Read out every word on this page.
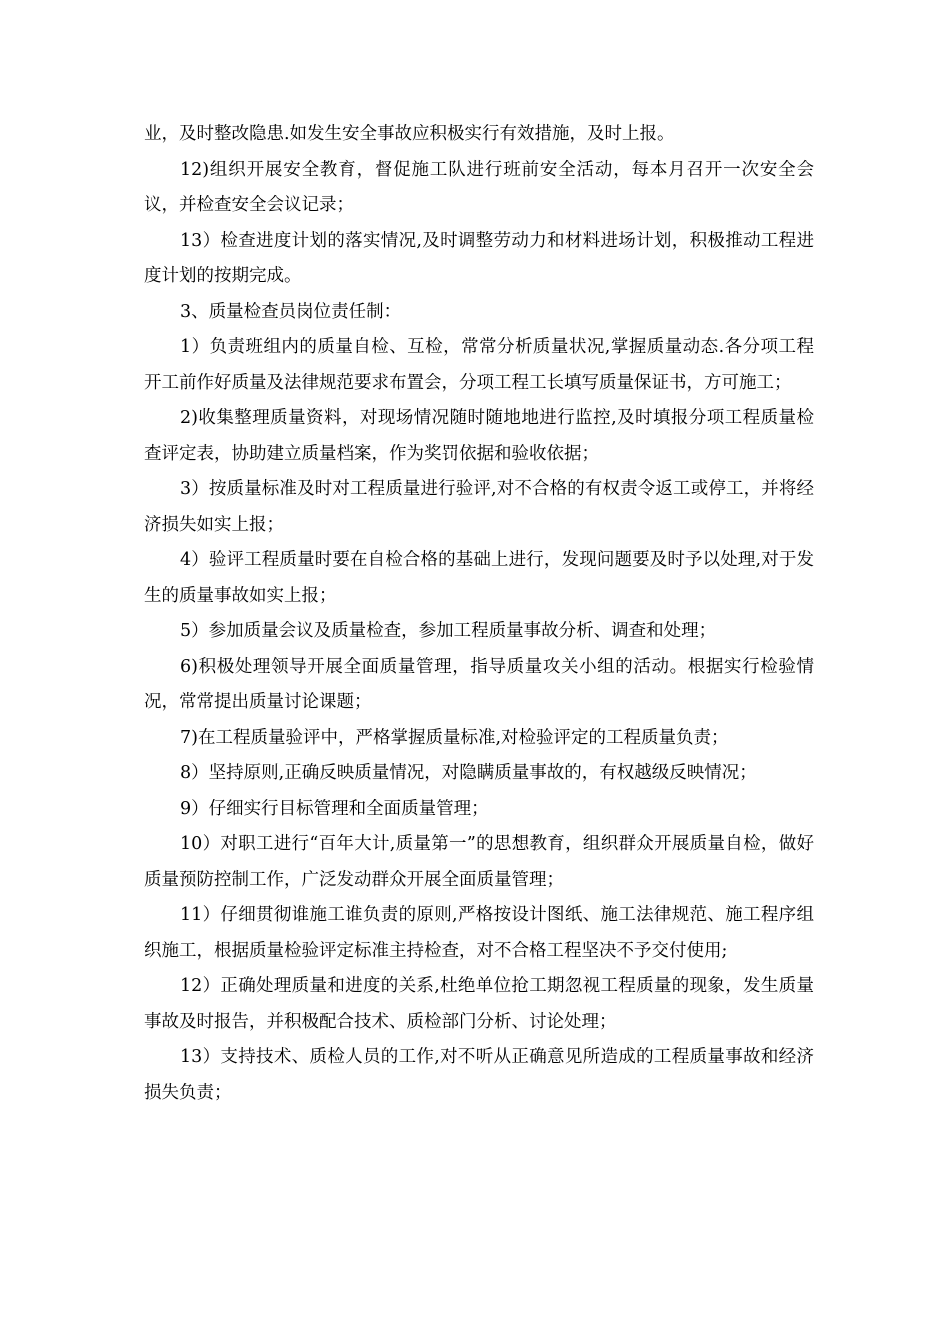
业，及时整改隐患.如发生安全事故应积极实行有效措施，及时上报。

12)组织开展安全教育，督促施工队进行班前安全活动，每本月召开一次安全会议，并检查安全会议记录；

13）检查进度计划的落实情况,及时调整劳动力和材料进场计划，积极推动工程进度计划的按期完成。

3、质量检查员岗位责任制：

1）负责班组内的质量自检、互检，常常分析质量状况,掌握质量动态.各分项工程开工前作好质量及法律规范要求布置会，分项工程工长填写质量保证书，方可施工；

2)收集整理质量资料，对现场情况随时随地地进行监控,及时填报分项工程质量检查评定表，协助建立质量档案，作为奖罚依据和验收依据；

3）按质量标准及时对工程质量进行验评,对不合格的有权责令返工或停工，并将经济损失如实上报；

4）验评工程质量时要在自检合格的基础上进行，发现问题要及时予以处理,对于发生的质量事故如实上报；

5）参加质量会议及质量检查，参加工程质量事故分析、调查和处理；

6)积极处理领导开展全面质量管理，指导质量攻关小组的活动。根据实行检验情况，常常提出质量讨论课题；

7)在工程质量验评中，严格掌握质量标准,对检验评定的工程质量负责；

8）坚持原则,正确反映质量情况，对隐瞒质量事故的，有权越级反映情况；

9）仔细实行目标管理和全面质量管理；

10）对职工进行“百年大计,质量第一”的思想教育，组织群众开展质量自检，做好质量预防控制工作，广泛发动群众开展全面质量管理；

11）仔细贯彻谁施工谁负责的原则,严格按设计图纸、施工法律规范、施工程序组织施工，根据质量检验评定标准主持检查，对不合格工程坚决不予交付使用;

12）正确处理质量和进度的关系,杜绝单位抢工期忽视工程质量的现象，发生质量事故及时报告，并积极配合技术、质检部门分析、讨论处理；

13）支持技术、质检人员的工作,对不听从正确意见所造成的工程质量事故和经济损失负责；
